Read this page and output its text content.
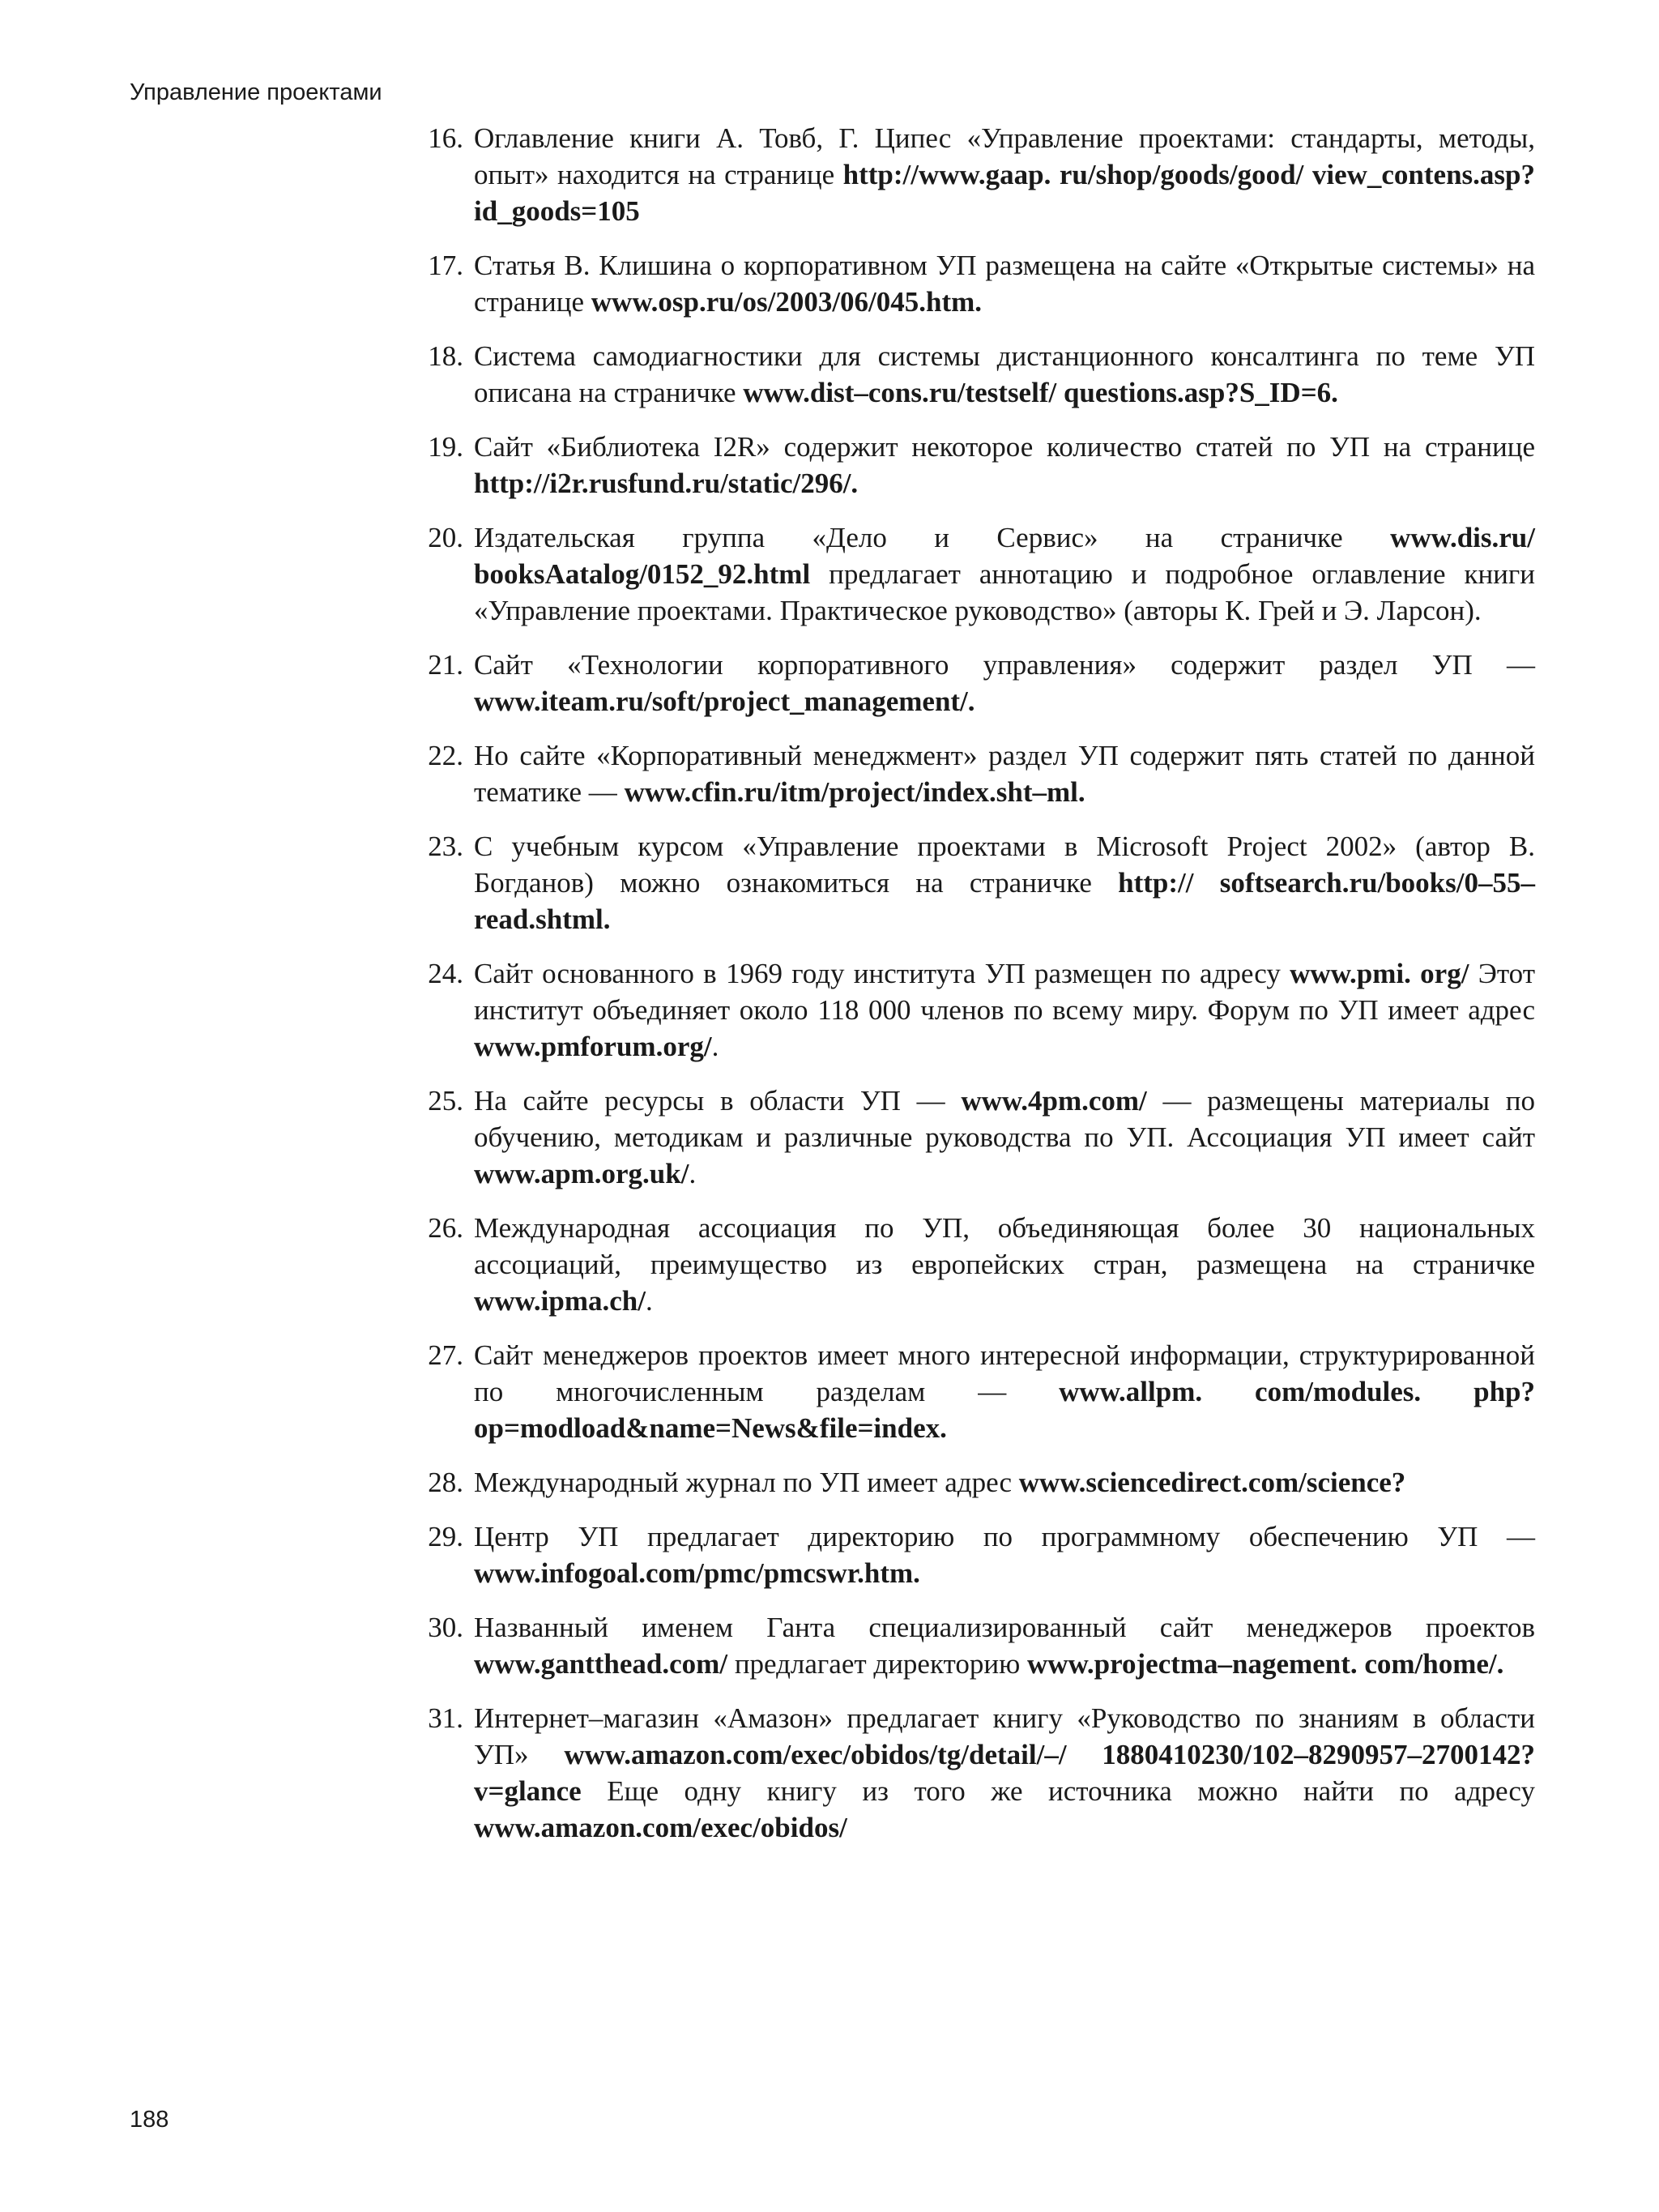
Управление проектами
16. Оглавление книги А. Товб, Г. Ципес «Управление проектами: стандарты, методы, опыт» находится на странице http://www.gaap. ru/shop/goods/good/ view_contens.asp?id_goods=105
17. Статья В. Клишина о корпоративном УП размещена на сайте «Открытые системы» на странице www.osp.ru/os/2003/06/045.htm.
18. Система самодиагностики для системы дистанционного консалтинга по теме УП описана на страничке www.dist–cons.ru/testself/ questions.asp?S_ID=6.
19. Сайт «Библиотека I2R» содержит некоторое количество статей по УП на странице http://i2r.rusfund.ru/static/296/.
20. Издательская группа «Дело и Сервис» на страничке www.dis.ru/ booksAatalog/0152_92.html предлагает аннотацию и подробное оглавление книги «Управление проектами. Практическое руководство» (авторы К. Грей и Э. Ларсон).
21. Сайт «Технологии корпоративного управления» содержит раздел УП — www.iteam.ru/soft/project_management/.
22. Но сайте «Корпоративный менеджмент» раздел УП содержит пять статей по данной тематике — www.cfin.ru/itm/project/index.sht–ml.
23. С учебным курсом «Управление проектами в Microsoft Project 2002» (автор В. Богданов) можно ознакомиться на страничке http:// softsearch.ru/books/0–55–read.shtml.
24. Сайт основанного в 1969 году института УП размещен по адресу www.pmi. org/ Этот институт объединяет около 118 000 членов по всему миру. Форум по УП имеет адрес www.pmforum.org/.
25. На сайте ресурсы в области УП — www.4pm.com/ — размещены материалы по обучению, методикам и различные руководства по УП. Ассоциация УП имеет сайт www.apm.org.uk/.
26. Международная ассоциация по УП, объединяющая более 30 национальных ассоциаций, преимущество из европейских стран, размещена на страничке www.ipma.ch/.
27. Сайт менеджеров проектов имеет много интересной информации, структурированной по многочисленным разделам — www.allpm. com/modules. php?op=modload&name=News&file=index.
28. Международный журнал по УП имеет адрес www.sciencedirect.com/science?
29. Центр УП предлагает директорию по программному обеспечению УП — www.infogoal.com/pmc/pmcswr.htm.
30. Названный именем Ганта специализированный сайт менеджеров проектов www.gantthead.com/ предлагает директорию www.projectma–nagement. com/home/.
31. Интернет–магазин «Амазон» предлагает книгу «Руководство по знаниям в области УП» www.amazon.com/exec/obidos/tg/detail/–/ 1880410230/102–8290957–2700142?v=glance Еще одну книгу из того же источника можно найти по адресу www.amazon.com/exec/obidos/
188
